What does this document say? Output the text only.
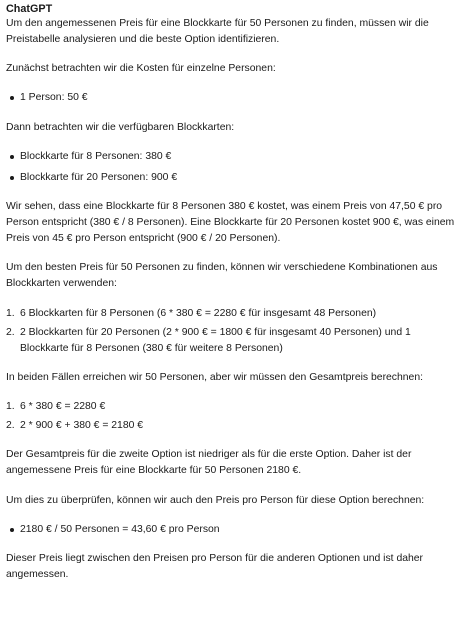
ChatGPT

Um den angemessenen Preis für eine Blockkarte für 50 Personen zu finden, müssen wir die Preistabelle analysieren und die beste Option identifizieren.

Zunächst betrachten wir die Kosten für einzelne Personen:

1 Person: 50 €

Dann betrachten wir die verfügbaren Blockkarten:

Blockkarte für 8 Personen: 380 €
Blockkarte für 20 Personen: 900 €

Wir sehen, dass eine Blockkarte für 8 Personen 380 € kostet, was einem Preis von 47,50 € pro Person entspricht (380 € / 8 Personen). Eine Blockkarte für 20 Personen kostet 900 €, was einem Preis von 45 € pro Person entspricht (900 € / 20 Personen).

Um den besten Preis für 50 Personen zu finden, können wir verschiedene Kombinationen aus Blockkarten verwenden:

1. 6 Blockkarten für 8 Personen (6 * 380 € = 2280 € für insgesamt 48 Personen)
2. 2 Blockkarten für 20 Personen (2 * 900 € = 1800 € für insgesamt 40 Personen) und 1 Blockkarte für 8 Personen (380 € für weitere 8 Personen)

In beiden Fällen erreichen wir 50 Personen, aber wir müssen den Gesamtpreis berechnen:

1. 6 * 380 € = 2280 €
2. 2 * 900 € + 380 € = 2180 €

Der Gesamtpreis für die zweite Option ist niedriger als für die erste Option. Daher ist der angemessene Preis für eine Blockkarte für 50 Personen 2180 €.

Um dies zu überprüfen, können wir auch den Preis pro Person für diese Option berechnen:

2180 € / 50 Personen = 43,60 € pro Person

Dieser Preis liegt zwischen den Preisen pro Person für die anderen Optionen und ist daher angemessen.
